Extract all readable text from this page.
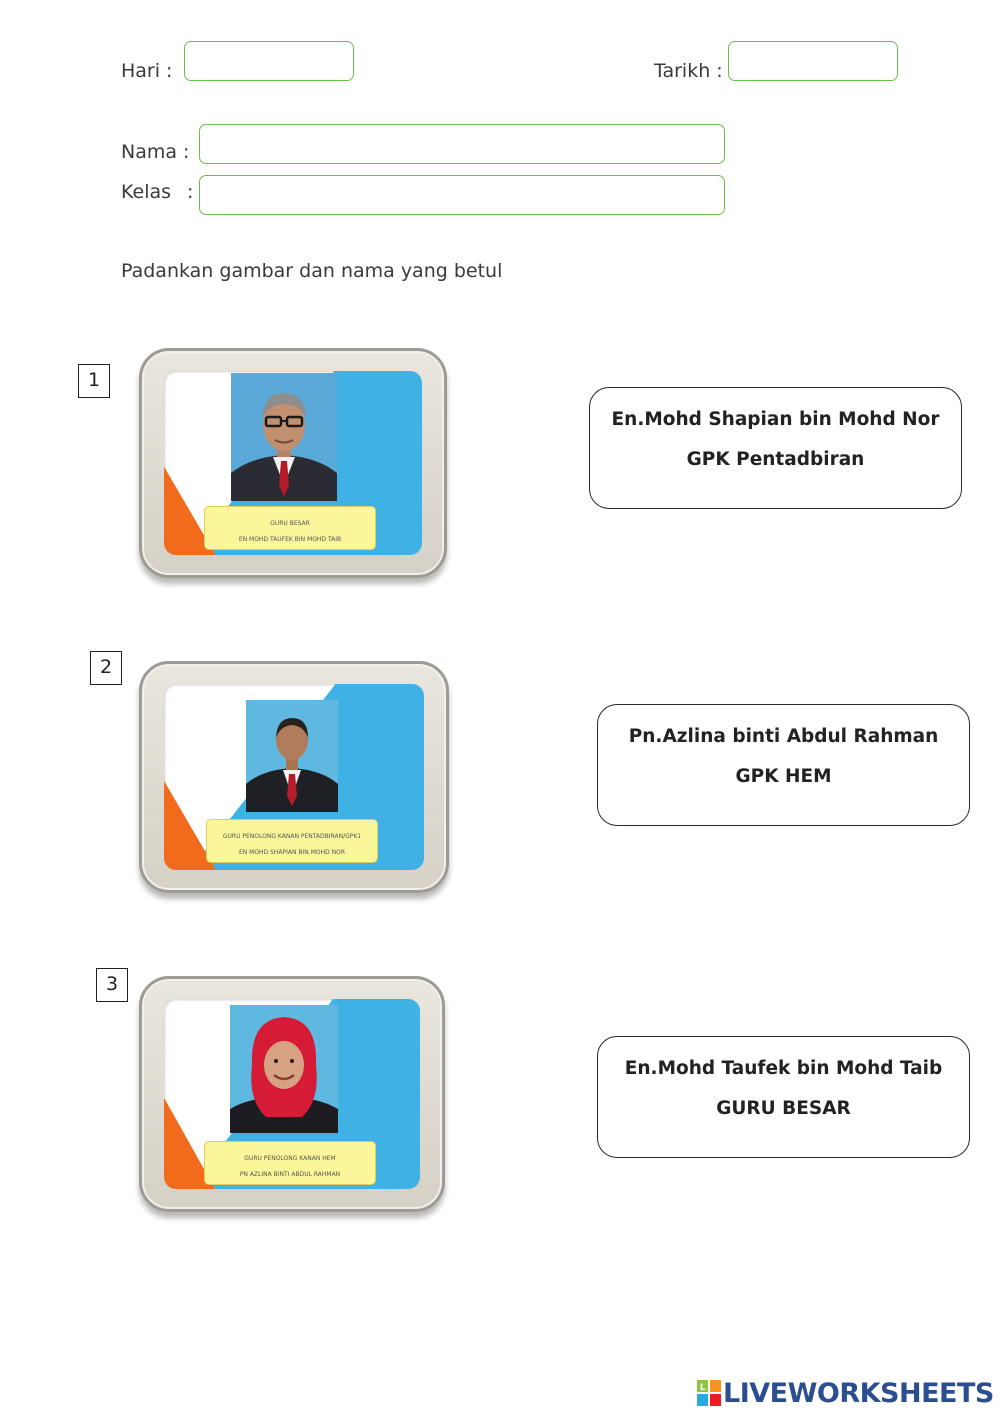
Hari :	Tarikh :
Nama :
Kelas :
Padankan gambar dan nama yang betul
1
GURU BESAR
EN MOHD TAUFEK BIN MOHD TAIB
2
GURU PENOLONG KANAN PENTADBIRAN/GPK1
EN MOHD SHAPIAN BIN MOHD NOR
3
GURU PENOLONG KANAN HEM
PN AZLINA BINTI ABDUL RAHMAN
En.Mohd Shapian bin Mohd Nor
GPK Pentadbiran
Pn.Azlina binti Abdul Rahman
GPK HEM
En.Mohd Taufek bin Mohd Taib
GURU BESAR
L LIVEWORKSHEETS
